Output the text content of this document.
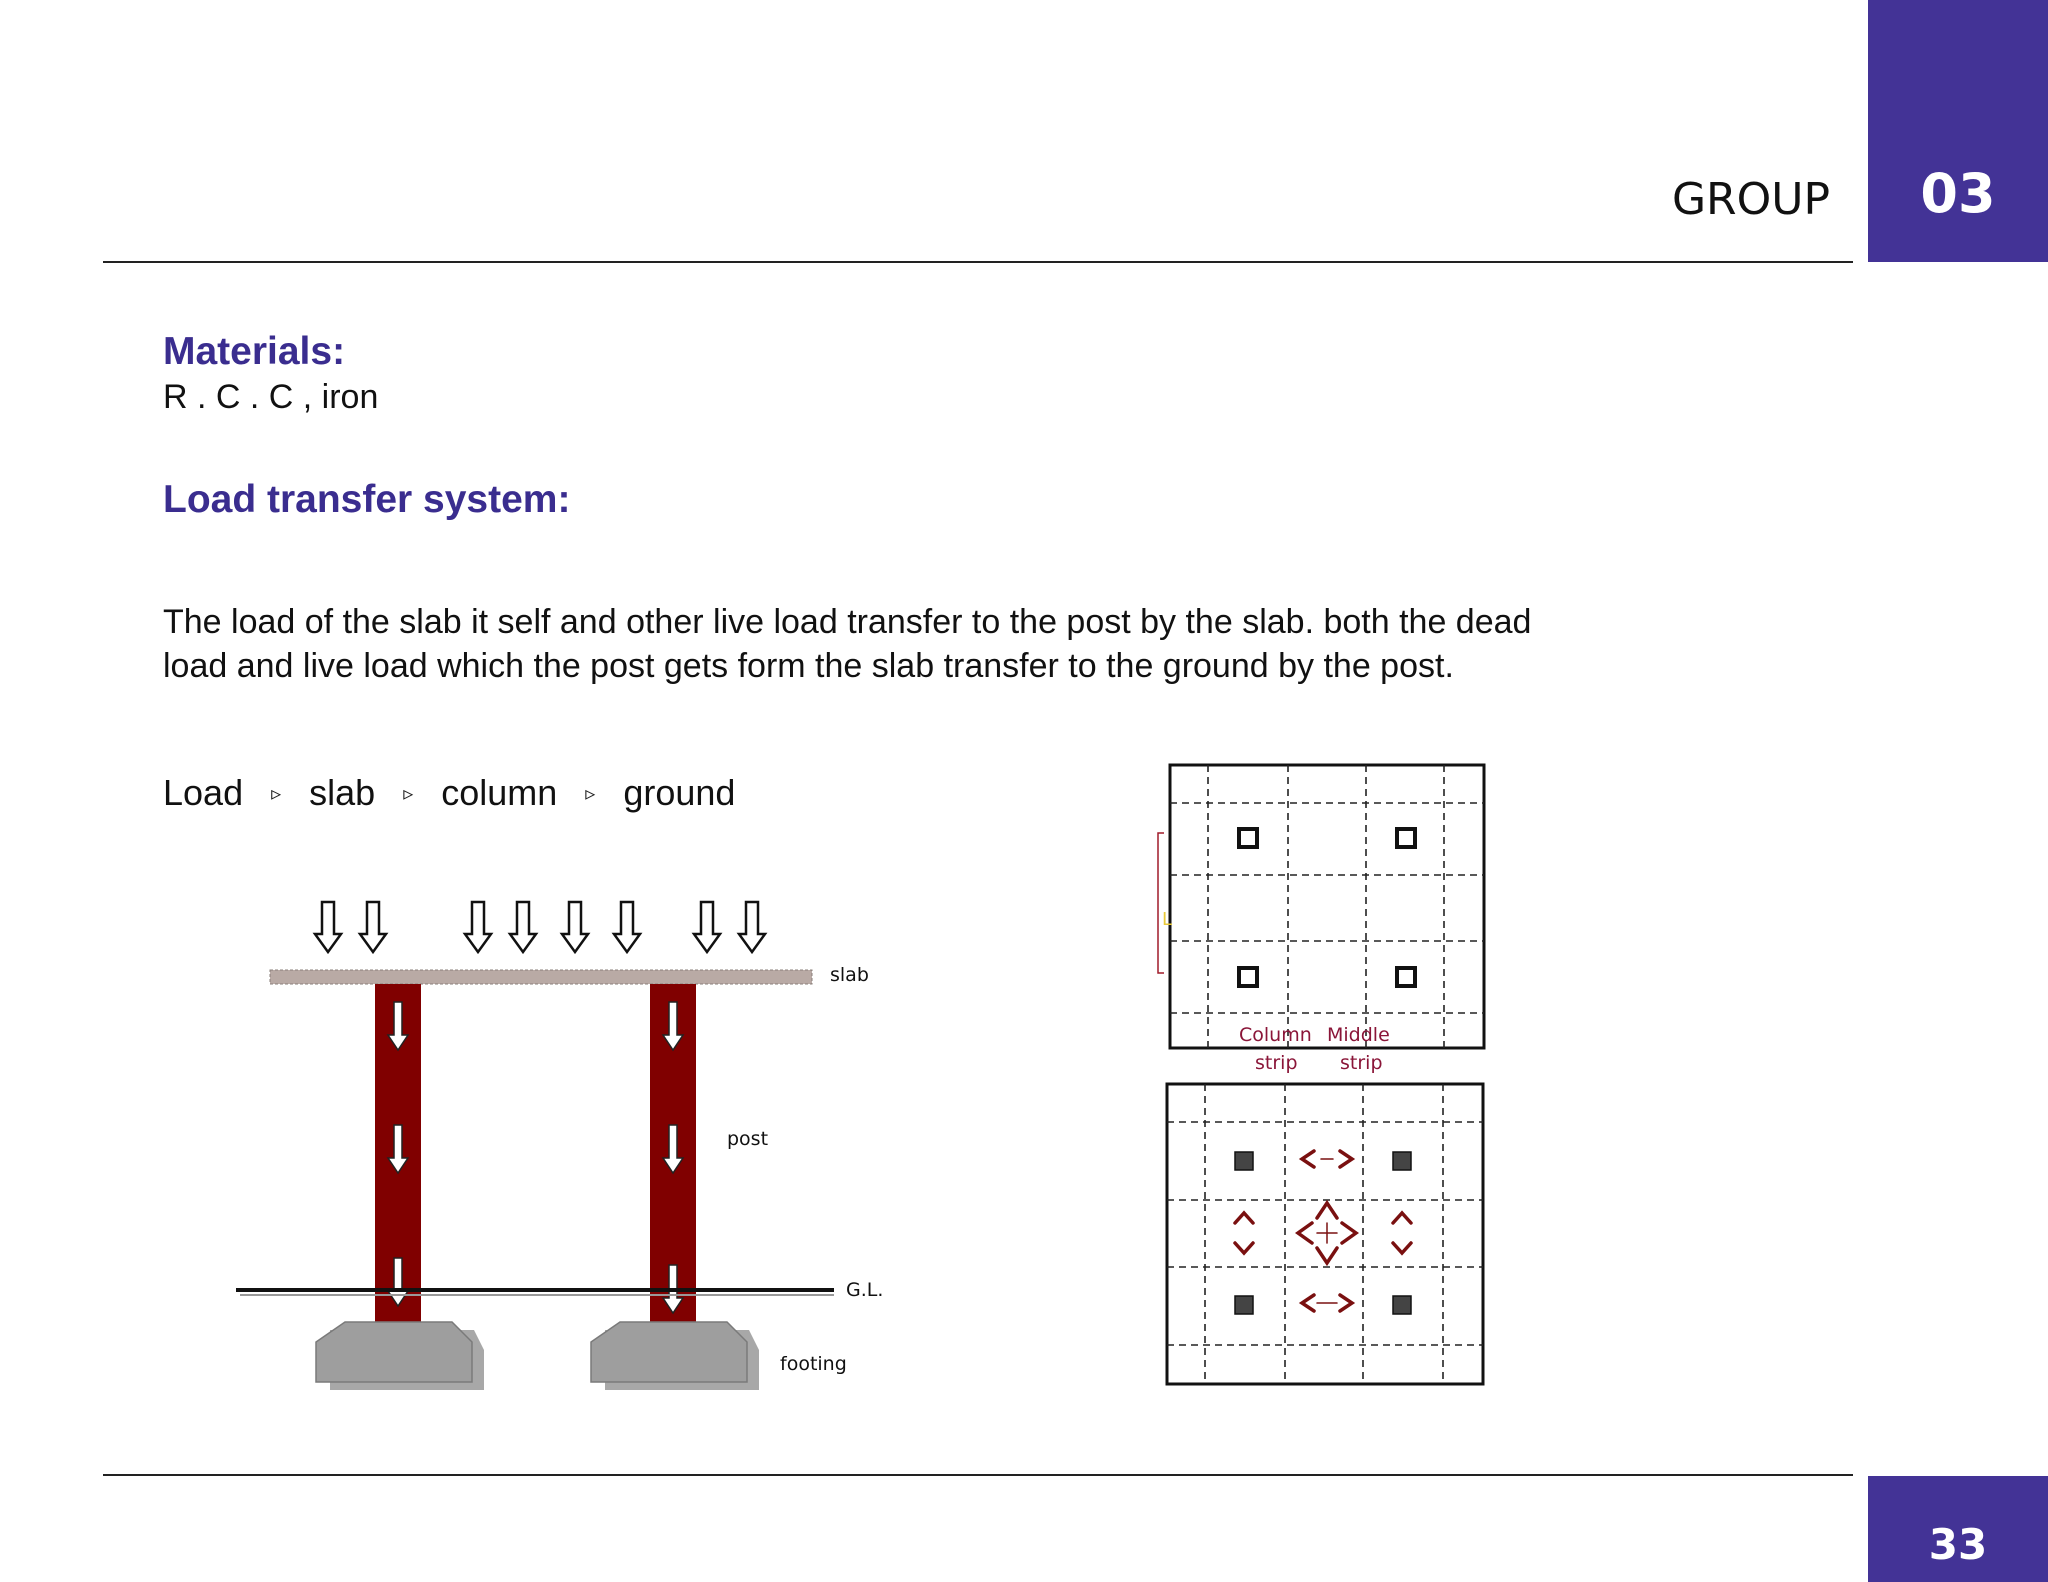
GROUP	03
Materials:
R . C . C , iron
Load transfer system:
The load of the slab it self and other live load transfer to the post by the slab. both the dead load and live load which the post gets form the slab transfer to the ground by the post.
Load ▹ slab ▹ column ▹ ground
slab
post
G.L.
footing
L
Column
strip
Middle
strip
33
